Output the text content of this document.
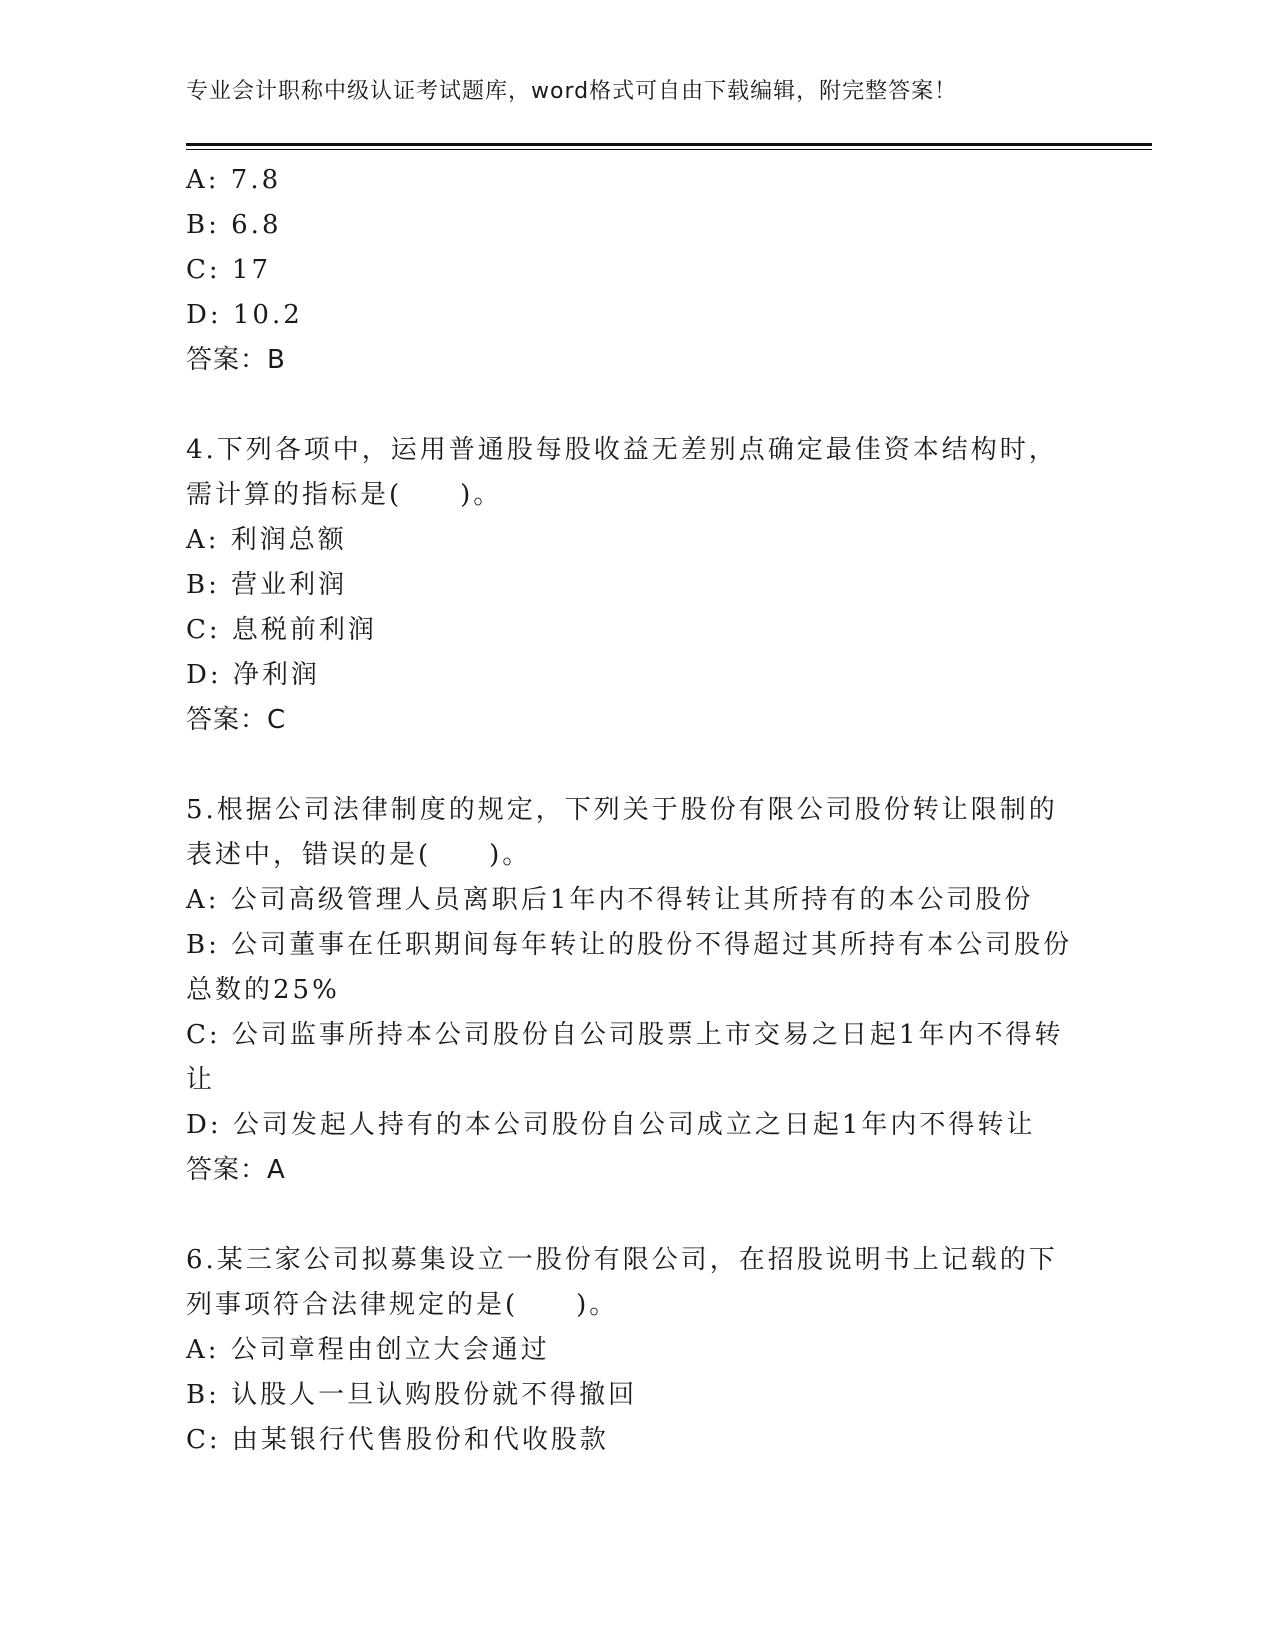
专业会计职称中级认证考试题库，word格式可自由下载编辑，附完整答案！
A: 7.8
B: 6.8
C: 17
D: 10.2
答案：B
4.下列各项中，运用普通股每股收益无差别点确定最佳资本结构时，
需计算的指标是(　　)。
A: 利润总额
B: 营业利润
C: 息税前利润
D: 净利润
答案：C
5.根据公司法律制度的规定，下列关于股份有限公司股份转让限制的
表述中，错误的是(　　)。
A: 公司高级管理人员离职后1年内不得转让其所持有的本公司股份
B: 公司董事在任职期间每年转让的股份不得超过其所持有本公司股份
总数的25%
C: 公司监事所持本公司股份自公司股票上市交易之日起1年内不得转
让
D: 公司发起人持有的本公司股份自公司成立之日起1年内不得转让
答案：A
6.某三家公司拟募集设立一股份有限公司，在招股说明书上记载的下
列事项符合法律规定的是(　　)。
A: 公司章程由创立大会通过
B: 认股人一旦认购股份就不得撤回
C: 由某银行代售股份和代收股款
